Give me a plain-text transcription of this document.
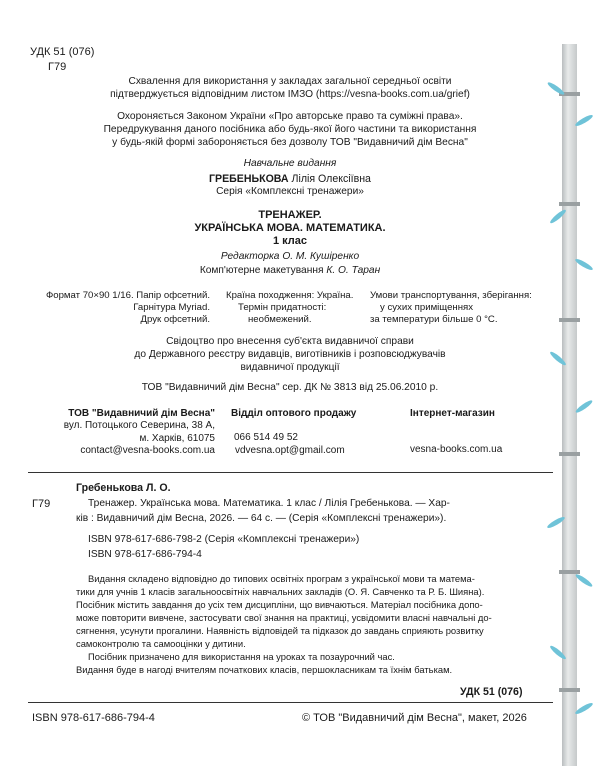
УДК 51 (076)
Г79
Схвалення для використання у закладах загальної середньої освіти
підтверджується відповідним листом ІМЗО (https://vesna-books.com.ua/grief)
Охороняється Законом України «Про авторське право та суміжні права».
Передрукування даного посібника або будь-якої його частини та використання
у будь-якій формі забороняється без дозволу ТОВ "Видавничий дім Весна"
Навчальне видання
ГРЕБЕНЬКОВА Лілія Олексіївна
Серія «Комплексні тренажери»
ТРЕНАЖЕР.
УКРАЇНСЬКА МОВА. МАТЕМАТИКА.
1 клас
Редакторка О. М. Кушіренко
Комп'ютерне макетування К. О. Таран
Формат 70×90 1/16. Папір офсетний.
Гарнітура Myriad.
Друк офсетний.
Країна походження: Україна.
Термін придатності:
необмежений.
Умови транспортування, зберігання:
у сухих приміщеннях
за температури більше 0 °С.
Свідоцтво про внесення суб'єкта видавничої справи
до Державного реєстру видавців, виготівників і розповсюджувачів
видавничої продукції
ТОВ "Видавничий дім Весна" сер. ДК № 3813 від 25.06.2010 р.
ТОВ "Видавничий дім Весна"
вул. Потоцького Северина, 38 А,
м. Харків, 61075
contact@vesna-books.com.ua
Відділ оптового продажу
066 514 49 52
vdvesna.opt@gmail.com
Інтернет-магазин
vesna-books.com.ua
Г79
Гребенькова Л. О.
Тренажер. Українська мова. Математика. 1 клас / Лілія Гребенькова. — Хар-
ків : Видавничий дім Весна, 2026. — 64 с. — (Серія «Комплексні тренажери»).
ISBN 978-617-686-798-2 (Серія «Комплексні тренажери»)
ISBN 978-617-686-794-4
Видання складено відповідно до типових освітніх програм з української мови та матема-
тики для учнів 1 класів загальноосвітніх навчальних закладів (О. Я. Савченко та Р. Б. Шияна).
Посібник містить завдання до усіх тем дисципліни, що вивчаються. Матеріал посібника допо-
може повторити вивчене, застосувати свої знання на практиці, усвідомити власні навчальні до-
сягнення, усунути прогалини. Наявність відповідей та підказок до завдань сприяють розвитку
самоконтролю та самооцінки у дитини.
Посібник призначено для використання на уроках та позаурочний час.
Видання буде в нагоді вчителям початкових класів, першокласникам та їхнім батькам.
УДК 51 (076)
ISBN 978-617-686-794-4	© ТОВ "Видавничий дім Весна", макет, 2026
